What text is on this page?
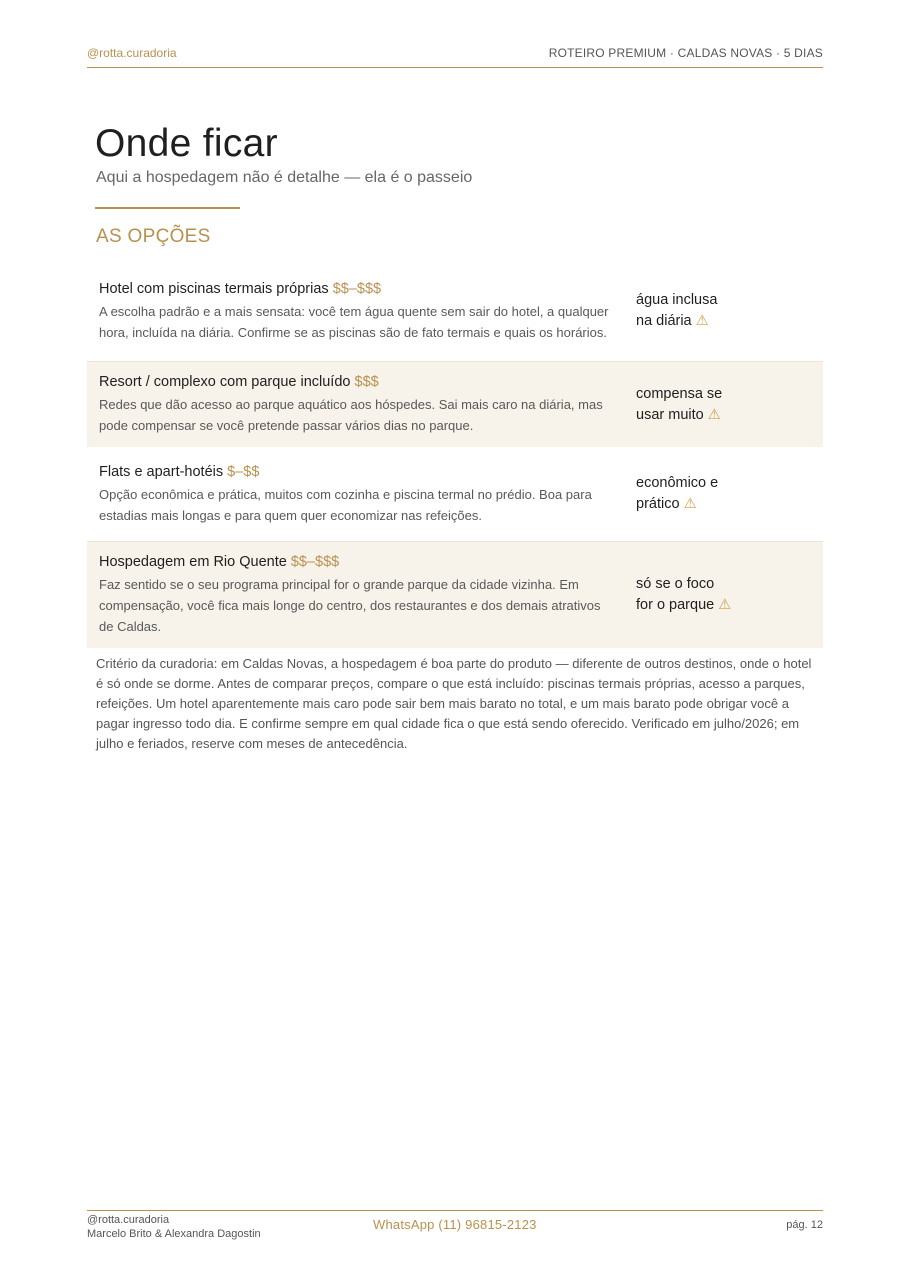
@rotta.curadoria	ROTEIRO PREMIUM · CALDAS NOVAS · 5 DIAS
Onde ficar
Aqui a hospedagem não é detalhe — ela é o passeio
AS OPÇÕES
Hotel com piscinas termais próprias $$–$$$
A escolha padrão e a mais sensata: você tem água quente sem sair do hotel, a qualquer hora, incluída na diária. Confirme se as piscinas são de fato termais e quais os horários.
água inclusa
na diária ⚠
Resort / complexo com parque incluído $$$
Redes que dão acesso ao parque aquático aos hóspedes. Sai mais caro na diária, mas pode compensar se você pretende passar vários dias no parque.
compensa se
usar muito ⚠
Flats e apart-hotéis $–$$
Opção econômica e prática, muitos com cozinha e piscina termal no prédio. Boa para estadias mais longas e para quem quer economizar nas refeições.
econômico e
prático ⚠
Hospedagem em Rio Quente $$–$$$
Faz sentido se o seu programa principal for o grande parque da cidade vizinha. Em compensação, você fica mais longe do centro, dos restaurantes e dos demais atrativos de Caldas.
só se o foco
for o parque ⚠
Critério da curadoria: em Caldas Novas, a hospedagem é boa parte do produto — diferente de outros destinos, onde o hotel é só onde se dorme. Antes de comparar preços, compare o que está incluído: piscinas termais próprias, acesso a parques, refeições. Um hotel aparentemente mais caro pode sair bem mais barato no total, e um mais barato pode obrigar você a pagar ingresso todo dia. E confirme sempre em qual cidade fica o que está sendo oferecido. Verificado em julho/2026; em julho e feriados, reserve com meses de antecedência.
@rotta.curadoria
Marcelo Brito & Alexandra Dagostin
WhatsApp (11) 96815-2123	pág. 12
